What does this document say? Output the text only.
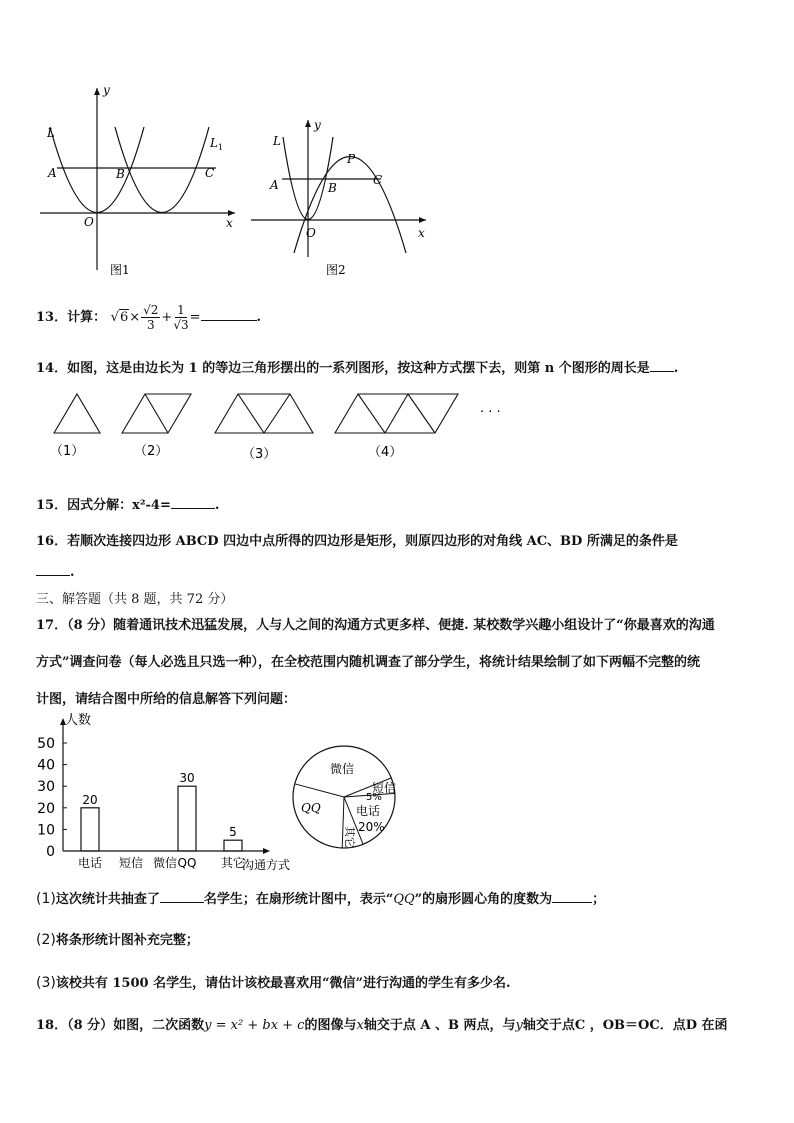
y
x
O
L
$L_1$
A	B	C
图1
y
x
O
L
A	B
C
P
图2
13．计算： $√6\times \frac{√2}{3} + \frac{1}{√3}$ =	.
14．如图，这是由边长为 1 的等边三角形摆出的一系列图形，按这种方式摆下去，则第 n 个图形的周长是 .
· · ·
（1）	（2）	（3）	（4）
15．因式分解：x²-4=	.
16．若顺次连接四边形 ABCD 四边中点所得的四边形是矩形，则原四边形的对角线 AC、BD 所满足的条件是
.
三、解答题（共 8 题，共 72 分）
17．（8 分）随着通讯技术迅猛发展，人与人之间的沟通方式更多样、便捷. 某校数学兴趣小组设计了“你最喜欢的沟通
方式”调查问卷（每人必选且只选一种），在全校范围内随机调查了部分学生，将统计结果绘制了如下两幅不完整的统
计图，请结合图中所给的信息解答下列问题：
人数
0
10
20
30
40
50
20
电话 短信 微信
30
QQ
5
其它
沟通方式
微信
短信
5%
电话
20%
其它
QQ
(1)这次统计共抽查了	名学生；在扇形统计图中，表示“QQ”的扇形圆心角的度数为	；
(2)将条形统计图补充完整；
(3)该校共有 1500 名学生，请估计该校最喜欢用“微信”进行沟通的学生有多少名.
18．（8 分）如图，二次函数y = x² + bx + c的图像与x轴交于点 A 、B 两点，与y轴交于点C ，OB＝OC．点D 在函
